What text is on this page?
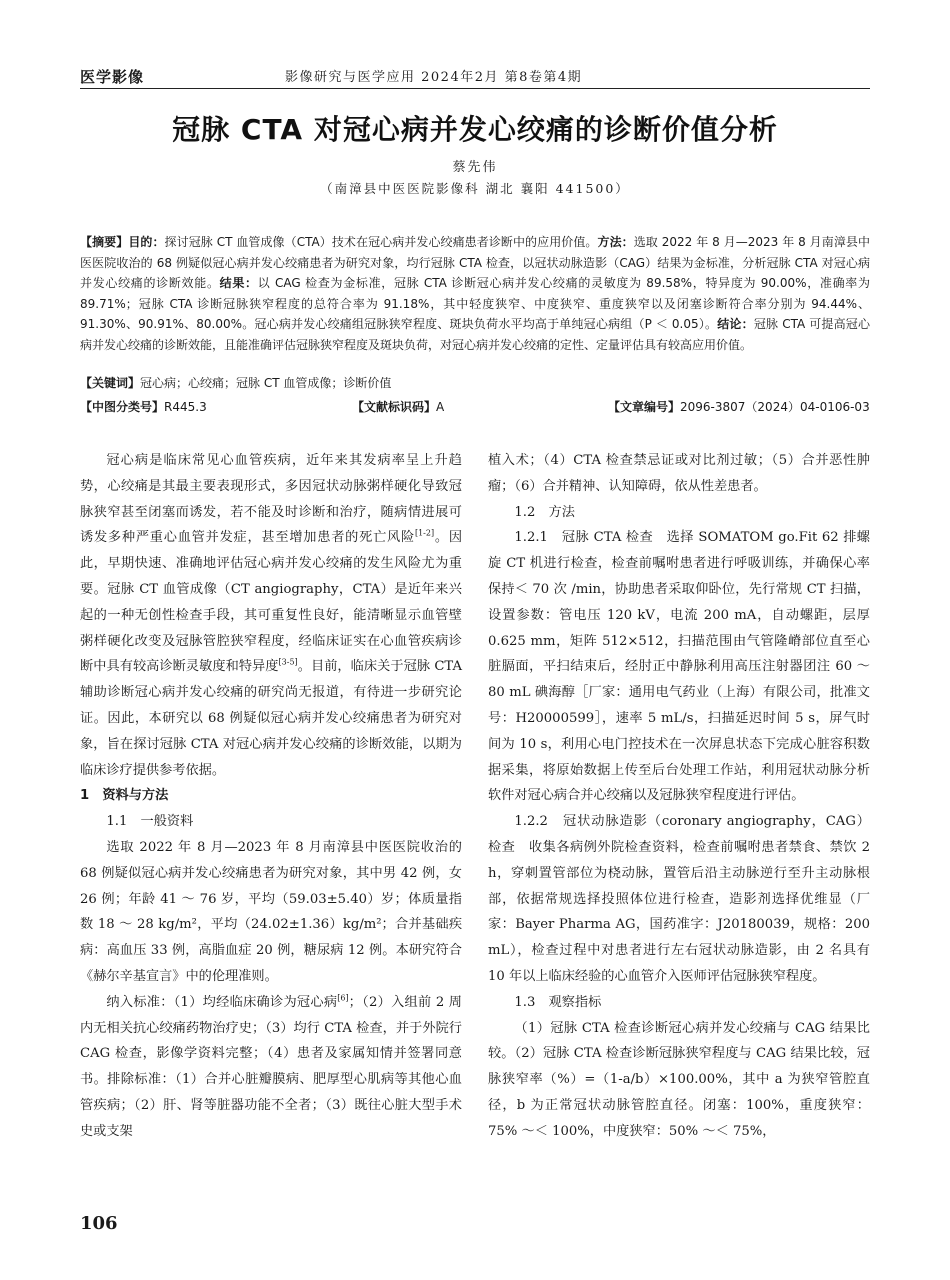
医学影像	影像研究与医学应用 2024年2月 第8卷第4期
冠脉 CTA 对冠心病并发心绞痛的诊断价值分析
蔡先伟
（南漳县中医医院影像科 湖北 襄阳 441500）
【摘要】目的：探讨冠脉 CT 血管成像（CTA）技术在冠心病并发心绞痛患者诊断中的应用价值。方法：选取 2022 年 8 月—2023 年 8 月南漳县中医医院收治的 68 例疑似冠心病并发心绞痛患者为研究对象，均行冠脉 CTA 检查，以冠状动脉造影（CAG）结果为金标准，分析冠脉 CTA 对冠心病并发心绞痛的诊断效能。结果：以 CAG 检查为金标准，冠脉 CTA 诊断冠心病并发心绞痛的灵敏度为 89.58%，特异度为 90.00%，准确率为 89.71%；冠脉 CTA 诊断冠脉狭窄程度的总符合率为 91.18%，其中轻度狭窄、中度狭窄、重度狭窄以及闭塞诊断符合率分别为 94.44%、91.30%、90.91%、80.00%。冠心病并发心绞痛组冠脉狭窄程度、斑块负荷水平均高于单纯冠心病组（P ＜ 0.05）。结论：冠脉 CTA 可提高冠心病并发心绞痛的诊断效能，且能准确评估冠脉狭窄程度及斑块负荷，对冠心病并发心绞痛的定性、定量评估具有较高应用价值。
【关键词】冠心病；心绞痛；冠脉 CT 血管成像；诊断价值
【中图分类号】R445.3	【文献标识码】A	【文章编号】2096-3807（2024）04-0106-03

冠心病是临床常见心血管疾病，近年来其发病率呈上升趋势，心绞痛是其最主要表现形式，多因冠状动脉粥样硬化导致冠脉狭窄甚至闭塞而诱发，若不能及时诊断和治疗，随病情进展可诱发多种严重心血管并发症，甚至增加患者的死亡风险[1-2]。因此，早期快速、准确地评估冠心病并发心绞痛的发生风险尤为重要。冠脉 CT 血管成像（CT angiography，CTA）是近年来兴起的一种无创性检查手段，其可重复性良好，能清晰显示血管壁粥样硬化改变及冠脉管腔狭窄程度，经临床证实在心血管疾病诊断中具有较高诊断灵敏度和特异度[3-5]。目前，临床关于冠脉 CTA 辅助诊断冠心病并发心绞痛的研究尚无报道，有待进一步研究论证。因此，本研究以 68 例疑似冠心病并发心绞痛患者为研究对象，旨在探讨冠脉 CTA 对冠心病并发心绞痛的诊断效能，以期为临床诊疗提供参考依据。

1　资料与方法

1.1　一般资料

选取 2022 年 8 月—2023 年 8 月南漳县中医医院收治的 68 例疑似冠心病并发心绞痛患者为研究对象，其中男 42 例，女 26 例；年龄 41 ～ 76 岁，平均（59.03±5.40）岁；体质量指数 18 ～ 28 kg/m²，平均（24.02±1.36）kg/m²；合并基础疾病：高血压 33 例，高脂血症 20 例，糖尿病 12 例。本研究符合《赫尔辛基宣言》中的伦理准则。

纳入标准：（1）均经临床确诊为冠心病[6]；（2）入组前 2 周内无相关抗心绞痛药物治疗史；（3）均行 CTA 检查，并于外院行 CAG 检查，影像学资料完整；（4）患者及家属知情并签署同意书。排除标准：（1）合并心脏瓣膜病、肥厚型心肌病等其他心血管疾病；（2）肝、肾等脏器功能不全者；（3）既往心脏大型手术史或支架

植入术；（4）CTA 检查禁忌证或对比剂过敏；（5）合并恶性肿瘤；（6）合并精神、认知障碍，依从性差患者。

1.2　方法

1.2.1　冠脉 CTA 检查　选择 SOMATOM go.Fit 62 排螺旋 CT 机进行检查，检查前嘱咐患者进行呼吸训练，并确保心率保持＜ 70 次 /min，协助患者采取仰卧位，先行常规 CT 扫描，设置参数：管电压 120 kV，电流 200 mA，自动螺距，层厚 0.625 mm，矩阵 512×512，扫描范围由气管隆嵴部位直至心脏膈面，平扫结束后，经肘正中静脉利用高压注射器团注 60 ～ 80 mL 碘海醇［厂家：通用电气药业（上海）有限公司，批准文号：H20000599］，速率 5 mL/s，扫描延迟时间 5 s，屏气时间为 10 s，利用心电门控技术在一次屏息状态下完成心脏容积数据采集，将原始数据上传至后台处理工作站，利用冠状动脉分析软件对冠心病合并心绞痛以及冠脉狭窄程度进行评估。

1.2.2　冠状动脉造影（coronary angiography，CAG）检查　收集各病例外院检查资料，检查前嘱咐患者禁食、禁饮 2 h，穿刺置管部位为桡动脉，置管后沿主动脉逆行至升主动脉根部，依据常规选择投照体位进行检查，造影剂选择优维显（厂家：Bayer Pharma AG，国药准字：J20180039，规格：200 mL），检查过程中对患者进行左右冠状动脉造影，由 2 名具有 10 年以上临床经验的心血管介入医师评估冠脉狭窄程度。

1.3　观察指标

（1）冠脉 CTA 检查诊断冠心病并发心绞痛与 CAG 结果比较。（2）冠脉 CTA 检查诊断冠脉狭窄程度与 CAG 结果比较，冠脉狭窄率（%）=（1-a/b）×100.00%，其中 a 为狭窄管腔直径，b 为正常冠状动脉管腔直径。闭塞：100%，重度狭窄：75% ～＜ 100%，中度狭窄：50% ～＜ 75%，

106
